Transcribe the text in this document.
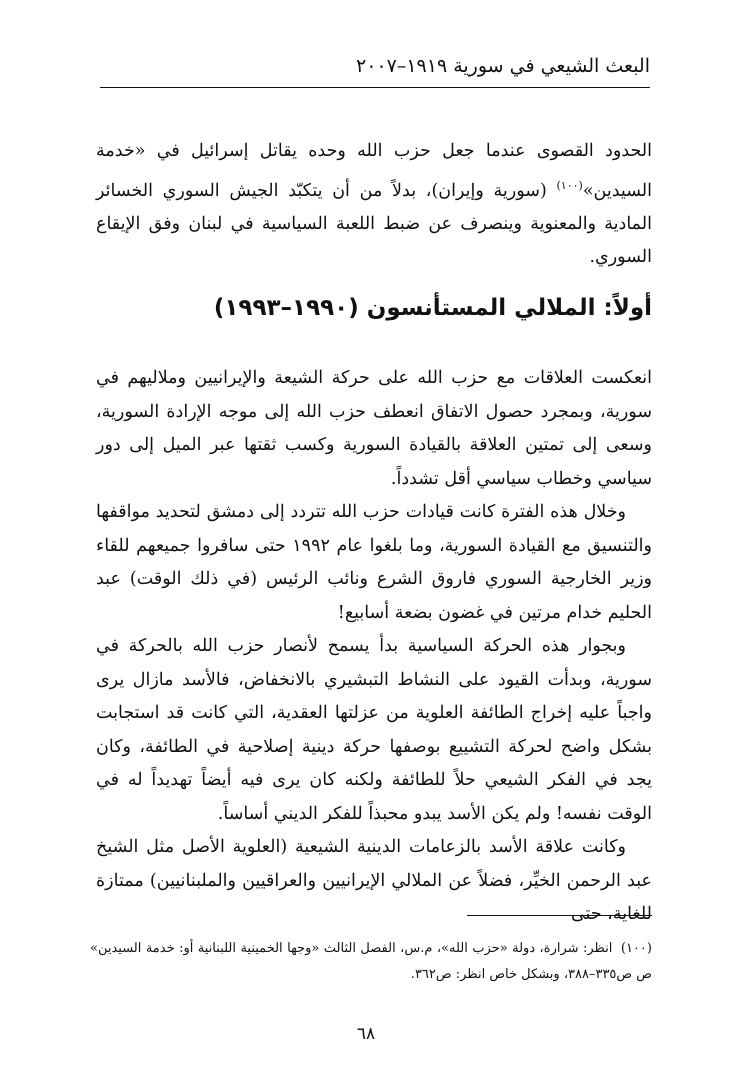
البعث الشيعي في سورية ١٩١٩–٢٠٠٧

الحدود القصوى عندما جعل حزب الله وحده يقاتل إسرائيل في «خدمة السيدين»$^{(١٠٠)}$ (سورية وإيران)، بدلاً من أن يتكبّد الجيش السوري الخسائر المادية والمعنوية وينصرف عن ضبط اللعبة السياسية في لبنان وفق الإيقاع السوري.

أولاً: الملالي المستأنسون (١٩٩٠–١٩٩٣)

انعكست العلاقات مع حزب الله على حركة الشيعة والإيرانيين وملاليهم في سورية، وبمجرد حصول الاتفاق انعطف حزب الله إلى موجه الإرادة السورية، وسعى إلى تمتين العلاقة بالقيادة السورية وكسب ثقتها عبر الميل إلى دور سياسي وخطاب سياسي أقل تشدداً.

وخلال هذه الفترة كانت قيادات حزب الله تتردد إلى دمشق لتحديد مواقفها والتنسيق مع القيادة السورية، وما بلغوا عام ١٩٩٢ حتى سافروا جميعهم للقاء وزير الخارجية السوري فاروق الشرع ونائب الرئيس (في ذلك الوقت) عبد الحليم خدام مرتين في غضون بضعة أسابيع!

وبجوار هذه الحركة السياسية بدأ يسمح لأنصار حزب الله بالحركة في سورية، وبدأت القيود على النشاط التبشيري بالانخفاض، فالأسد مازال يرى واجباً عليه إخراج الطائفة العلوية من عزلتها العقدية، التي كانت قد استجابت بشكل واضح لحركة التشييع بوصفها حركة دينية إصلاحية في الطائفة، وكان يجد في الفكر الشيعي حلاً للطائفة ولكنه كان يرى فيه أيضاً تهديداً له في الوقت نفسه! ولم يكن الأسد يبدو محبذاً للفكر الديني أساساً.

وكانت علاقة الأسد بالزعامات الدينية الشيعية (العلوية الأصل مثل الشيخ عبد الرحمن الخيِّر، فضلاً عن الملالي الإيرانيين والعراقيين والملبنانيين) ممتازة للغاية، حتى

(١٠٠) انظر: شرارة، دولة «حزب الله»، م.س، الفصل الثالث «وجها الخمينية اللبنانية أو: خدمة السيدين» ص ص٣٣٥–٣٨٨، وبشكل خاص انظر: ص٣٦٢.
٦٨
